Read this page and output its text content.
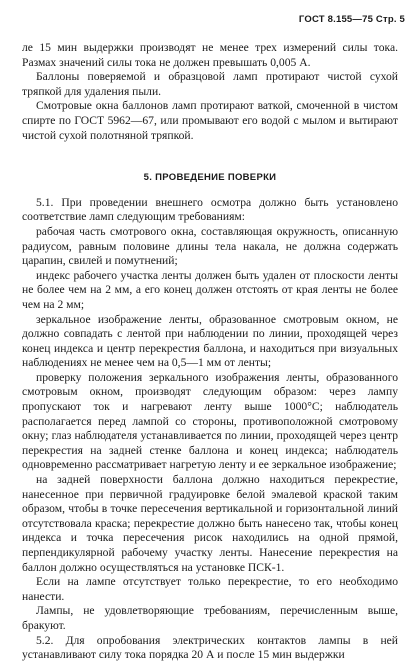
ГОСТ 8.155—75 Стр. 5

ле 15 мин выдержки производят не менее трех измерений силы тока. Размах значений силы тока не должен превышать 0,005 А.

Баллоны поверяемой и образцовой ламп протирают чистой сухой тряпкой для удаления пыли.

Смотровые окна баллонов ламп протирают ваткой, смоченной в чистом спирте по ГОСТ 5962—67, или промывают его водой с мылом и вытирают чистой сухой полотняной тряпкой.

5. ПРОВЕДЕНИЕ ПОВЕРКИ

5.1. При проведении внешнего осмотра должно быть установлено соответствие ламп следующим требованиям:

рабочая часть смотрового окна, составляющая окружность, описанную радиусом, равным половине длины тела накала, не должна содержать царапин, свилей и помутнений;

индекс рабочего участка ленты должен быть удален от плоскости ленты не более чем на 2 мм, а его конец должен отстоять от края ленты не более чем на 2 мм;

зеркальное изображение ленты, образованное смотровым окном, не должно совпадать с лентой при наблюдении по линии, проходящей через конец индекса и центр перекрестия баллона, и находиться при визуальных наблюдениях не менее чем на 0,5—1 мм от ленты;

проверку положения зеркального изображения ленты, образованного смотровым окном, производят следующим образом: через лампу пропускают ток и нагревают ленту выше 1000°С; наблюдатель располагается перед лампой со стороны, противоположной смотровому окну; глаз наблюдателя устанавливается по линии, проходящей через центр перекрестия на задней стенке баллона и конец индекса; наблюдатель одновременно рассматривает нагретую ленту и ее зеркальное изображение;

на задней поверхности баллона должно находиться перекрестие, нанесенное при первичной градуировке белой эмалевой краской таким образом, чтобы в точке пересечения вертикальной и горизонтальной линий отсутствовала краска; перекрестие должно быть нанесено так, чтобы конец индекса и точка пересечения рисок находились на одной прямой, перпендикулярной рабочему участку ленты. Нанесение перекрестия на баллон должно осуществляться на установке ПСК-1.

Если на лампе отсутствует только перекрестие, то его необходимо нанести.

Лампы, не удовлетворяющие требованиям, перечисленным выше, бракуют.

5.2. Для опробования электрических контактов лампы в ней устанавливают силу тока порядка 20 А и после 15 мин выдержки
